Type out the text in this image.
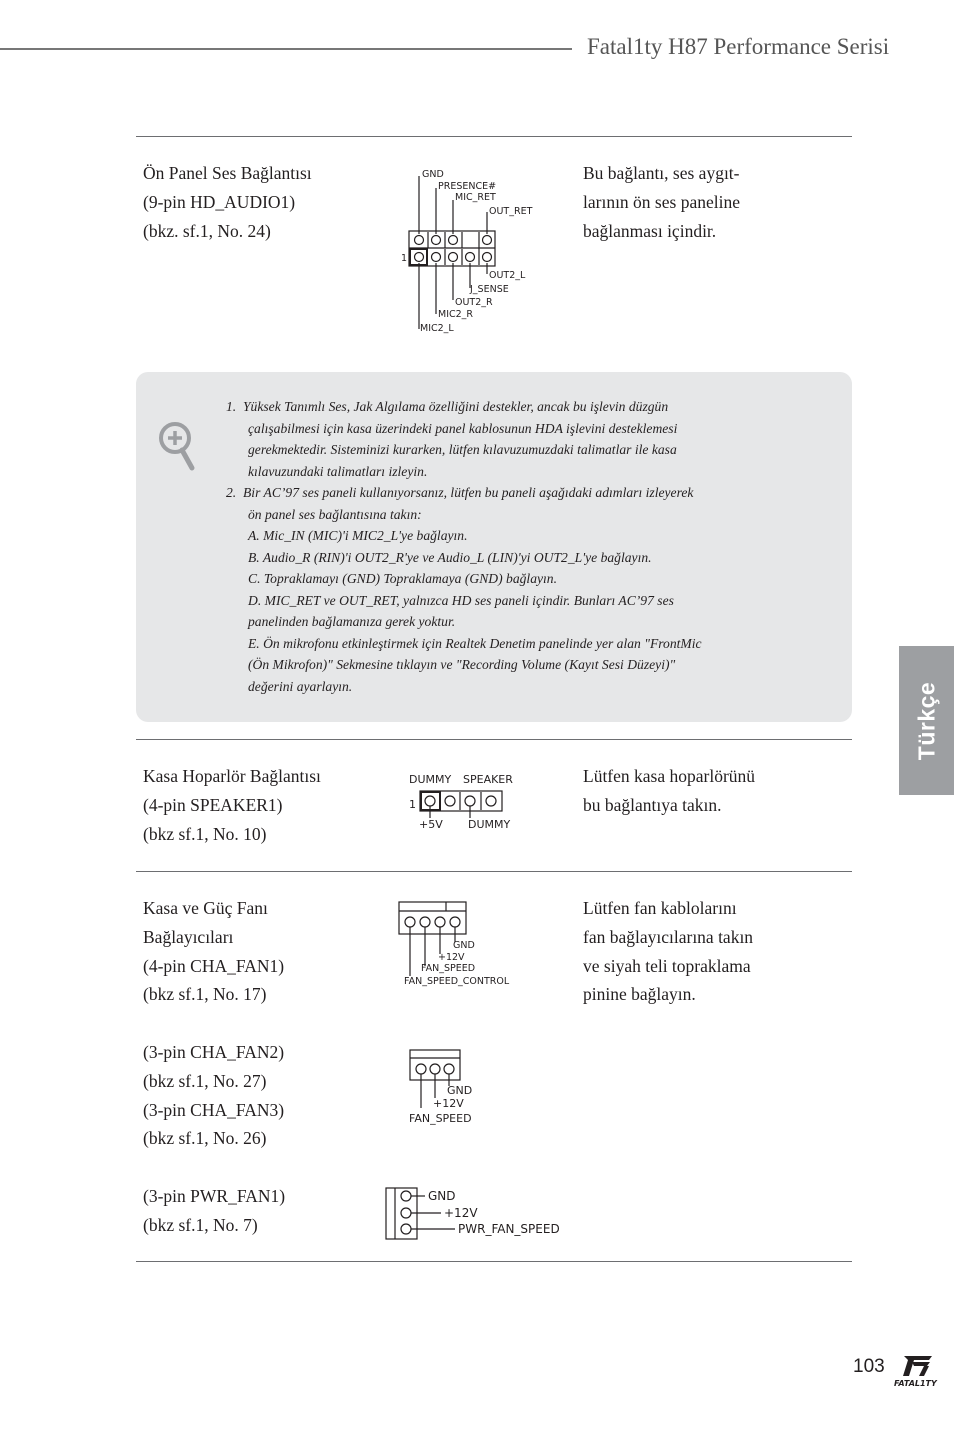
Fatal1ty H87 Performance Serisi
Ön Panel Ses Bağlantısı
(9-pin HD_AUDIO1)
(bkz. sf.1, No. 24)
Bu bağlantı, ses aygıt-
larının ön ses paneline
bağlanması içindir.
1
GND
PRESENCE#
MIC_RET
OUT_RET
OUT2_L
J_SENSE
OUT2_R
MIC2_R
MIC2_L
1.  Yüksek Tanımlı Ses, Jak Algılama özelliğini destekler, ancak bu işlevin düzgün
çalışabilmesi için kasa üzerindeki panel kablosunun HDA işlevini desteklemesi
gerekmektedir. Sisteminizi kurarken, lütfen kılavuzumuzdaki talimatlar ile kasa
kılavuzundaki talimatları izleyin.
2.  Bir AC’97 ses paneli kullanıyorsanız, lütfen bu paneli aşağıdaki adımları izleyerek
ön panel ses bağlantısına takın:
A. Mic_IN (MIC)'i MIC2_L'ye bağlayın.
B. Audio_R (RIN)'i OUT2_R'ye ve Audio_L (LIN)'yi OUT2_L'ye bağlayın.
C. Topraklamayı (GND) Topraklamaya (GND) bağlayın.
D. MIC_RET ve OUT_RET, yalnızca HD ses paneli içindir. Bunları AC’97 ses
panelinden bağlamanıza gerek yoktur.
E. Ön mikrofonu etkinleştirmek için Realtek Denetim panelinde yer alan "FrontMic
(Ön Mikrofon)" Sekmesine tıklayın ve "Recording Volume (Kayıt Sesi Düzeyi)"
değerini ayarlayın.	Türkçe
Kasa Hoparlör Bağlantısı
(4-pin SPEAKER1)
(bkz sf.1, No. 10)
Lütfen kasa hoparlörünü
bu bağlantıya takın.
DUMMY SPEAKER
1
+5V DUMMY
Kasa ve Güç Fanı
Bağlayıcıları
(4-pin CHA_FAN1)
(bkz sf.1, No. 17)
Lütfen fan kablolarını
fan bağlayıcılarına takın
ve siyah teli topraklama
pinine bağlayın.
GND
+12V
FAN_SPEED
FAN_SPEED_CONTROL
(3-pin CHA_FAN2)
(bkz sf.1, No. 27)
(3-pin CHA_FAN3)
(bkz sf.1, No. 26)
GND
+12V
FAN_SPEED
(3-pin PWR_FAN1)
(bkz sf.1, No. 7)
GND
+12V
PWR_FAN_SPEED
103
FATAL1TY
